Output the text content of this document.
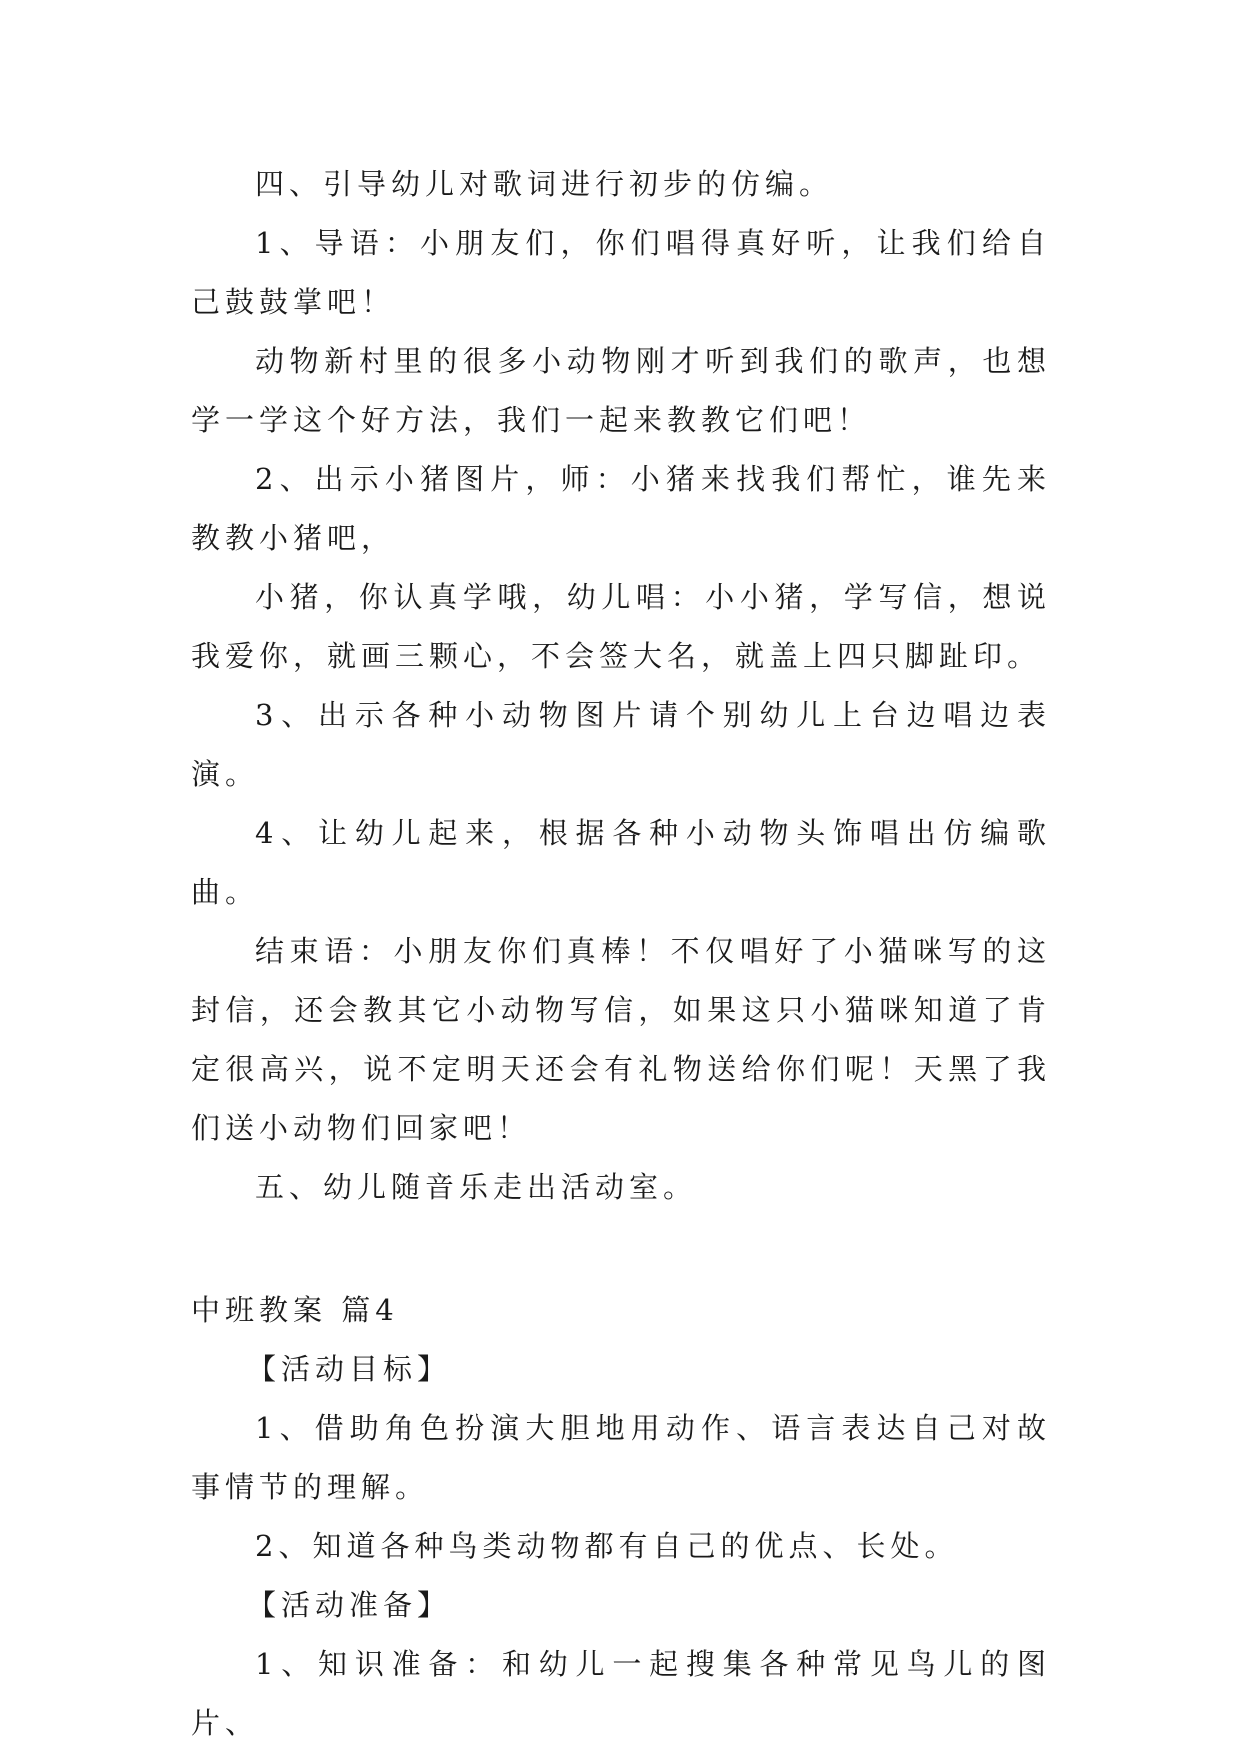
四、引导幼儿对歌词进行初步的仿编。

1、导语：小朋友们，你们唱得真好听，让我们给自己鼓鼓掌吧！

动物新村里的很多小动物刚才听到我们的歌声，也想学一学这个好方法，我们一起来教教它们吧！

2、出示小猪图片，师：小猪来找我们帮忙，谁先来教教小猪吧，

小猪，你认真学哦，幼儿唱：小小猪，学写信，想说我爱你，就画三颗心，不会签大名，就盖上四只脚趾印。

3、出示各种小动物图片请个别幼儿上台边唱边表演。

4、让幼儿起来，根据各种小动物头饰唱出仿编歌曲。

结束语：小朋友你们真棒！不仅唱好了小猫咪写的这封信，还会教其它小动物写信，如果这只小猫咪知道了肯定很高兴，说不定明天还会有礼物送给你们呢！天黑了我们送小动物们回家吧！

五、幼儿随音乐走出活动室。

中班教案 篇4

【活动目标】

1、借助角色扮演大胆地用动作、语言表达自己对故事情节的理解。

2、知道各种鸟类动物都有自己的优点、长处。

【活动准备】

1、知识准备：和幼儿一起搜集各种常见鸟儿的图片、
